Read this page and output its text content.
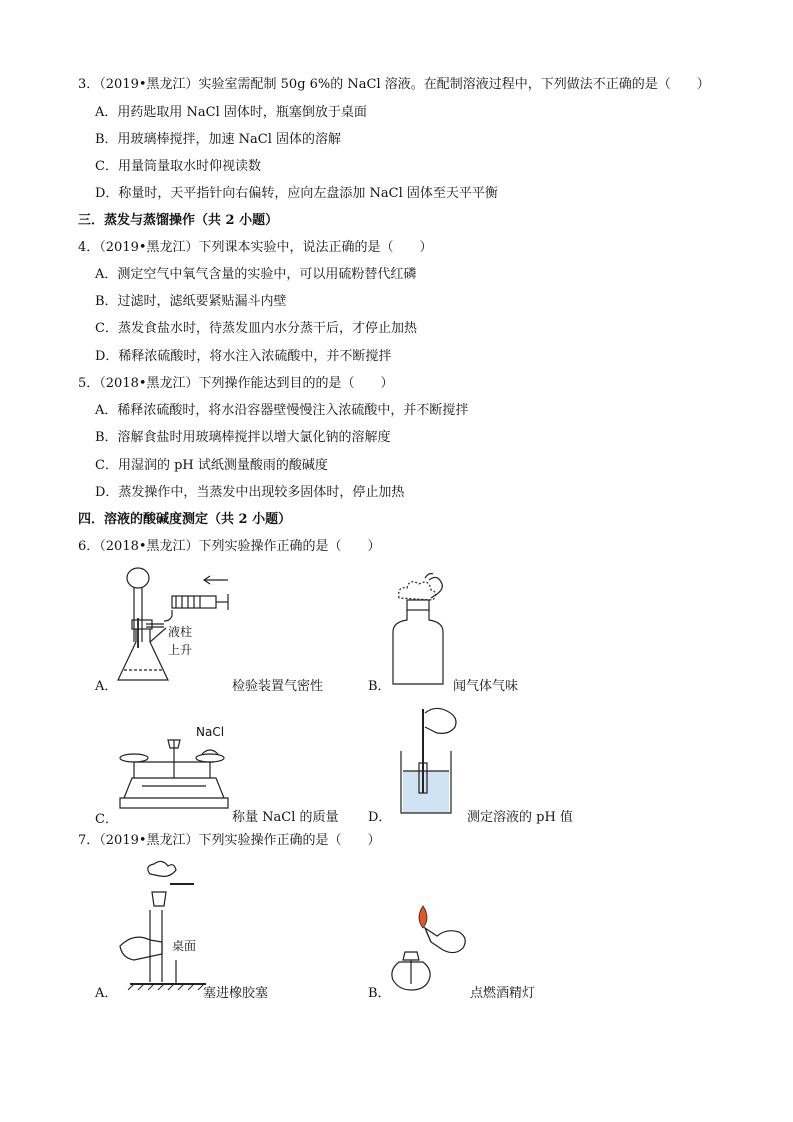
3．（2019•黑龙江）实验室需配制 50g 6%的 NaCl 溶液。在配制溶液过程中，下列做法不正确的是（　　）
A．用药匙取用 NaCl 固体时，瓶塞倒放于桌面
B．用玻璃棒搅拌，加速 NaCl 固体的溶解
C．用量筒量取水时仰视读数
D．称量时，天平指针向右偏转，应向左盘添加 NaCl 固体至天平平衡
三．蒸发与蒸馏操作（共 2 小题）
4．（2019•黑龙江）下列课本实验中，说法正确的是（　　）
A．测定空气中氧气含量的实验中，可以用硫粉替代红磷
B．过滤时，滤纸要紧贴漏斗内壁
C．蒸发食盐水时，待蒸发皿内水分蒸干后，才停止加热
D．稀释浓硫酸时，将水注入浓硫酸中，并不断搅拌
5．（2018•黑龙江）下列操作能达到目的的是（　　）
A．稀释浓硫酸时，将水沿容器壁慢慢注入浓硫酸中，并不断搅拌
B．溶解食盐时用玻璃棒搅拌以增大氯化钠的溶解度
C．用湿润的 pH 试纸测量酸雨的酸碱度
D．蒸发操作中，当蒸发中出现较多固体时，停止加热
四．溶液的酸碱度测定（共 2 小题）
6．（2018•黑龙江）下列实验操作正确的是（　　）
A．
液柱
上升
检验装置气密性	B．	闻气体气味
C．
NaCl
称量 NaCl 的质量 D．	测定溶液的 pH 值
7．（2019•黑龙江）下列实验操作正确的是（　　）
A．
桌面
塞进橡胶塞	B．	点燃酒精灯
